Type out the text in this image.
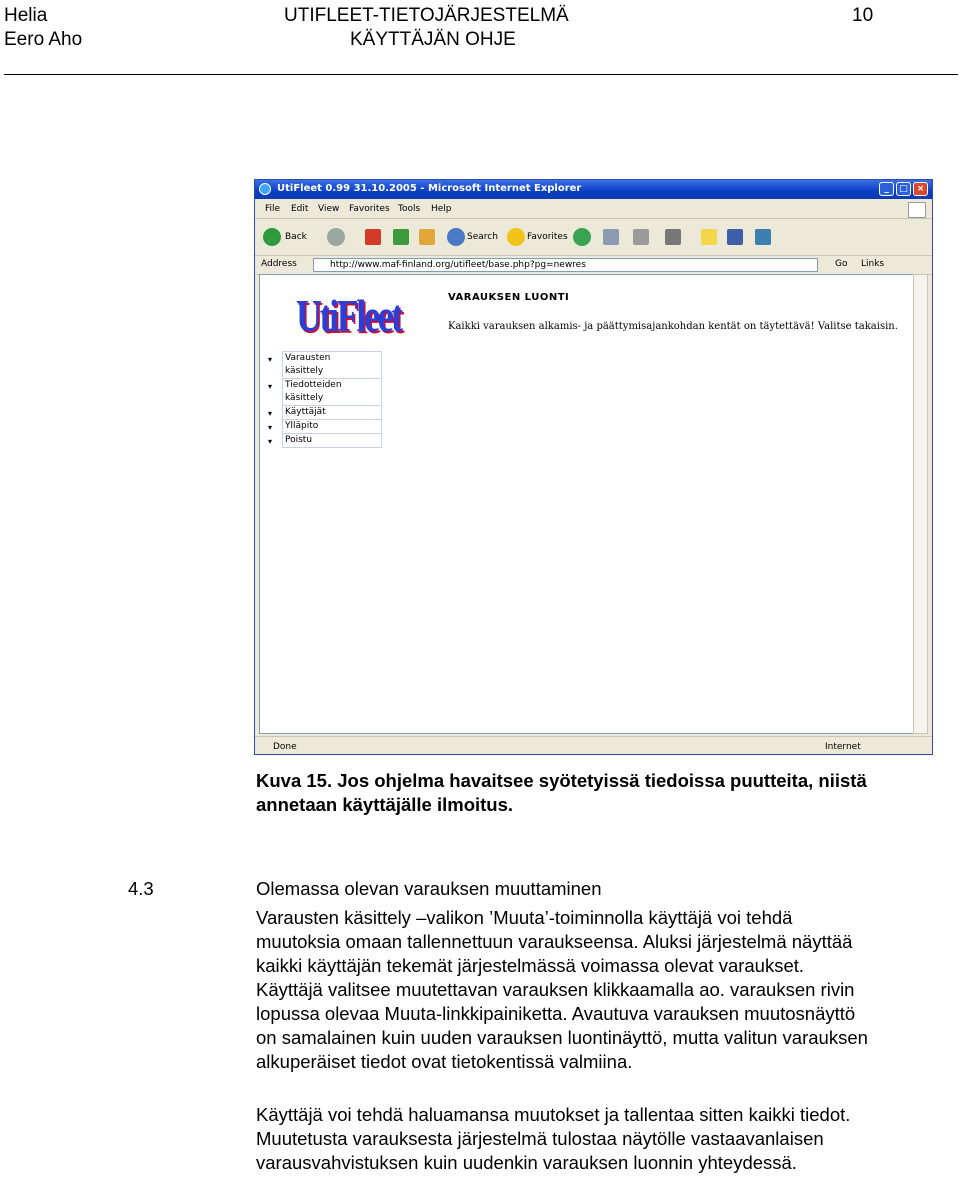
Helia
Eero Aho
UTIFLEET-TIETOJÄRJESTELMÄ
KÄYTTÄJÄN OHJE
10
UtiFleet 0.99 31.10.2005 - Microsoft Internet Explorer	_	□ ×
File Edit View Favorites Tools Help
Back	Search	Favorites
Address	http://www.maf-finland.org/utifleet/base.php?pg=newres	Go Links
UtiFleet	VARAUKSEN LUONTI
Kaikki varauksen alkamis- ja päättymisajankohdan kentät on täytettävä! Valitse takaisin.
▾ Varausten käsittely
▾ Tiedotteiden käsittely
▾ Käyttäjät
▾ Ylläpito
▾ Poistu
Done	Internet
Kuva 15. Jos ohjelma havaitsee syötetyissä tiedoissa puutteita, niistä
annetaan käyttäjälle ilmoitus.
4.3	Olemassa olevan varauksen muuttaminen

Varausten käsittely –valikon ’Muuta’-toiminnolla käyttäjä voi tehdä
muutoksia omaan tallennettuun varaukseensa. Aluksi järjestelmä näyttää
kaikki käyttäjän tekemät järjestelmässä voimassa olevat varaukset.
Käyttäjä valitsee muutettavan varauksen klikkaamalla ao. varauksen rivin
lopussa olevaa Muuta-linkkipainiketta. Avautuva varauksen muutosnäyttö
on samalainen kuin uuden varauksen luontinäyttö, mutta valitun varauksen
alkuperäiset tiedot ovat tietokentissä valmiina.

Käyttäjä voi tehdä haluamansa muutokset ja tallentaa sitten kaikki tiedot.
Muutetusta varauksesta järjestelmä tulostaa näytölle vastaavanlaisen
varausvahvistuksen kuin uudenkin varauksen luonnin yhteydessä.
